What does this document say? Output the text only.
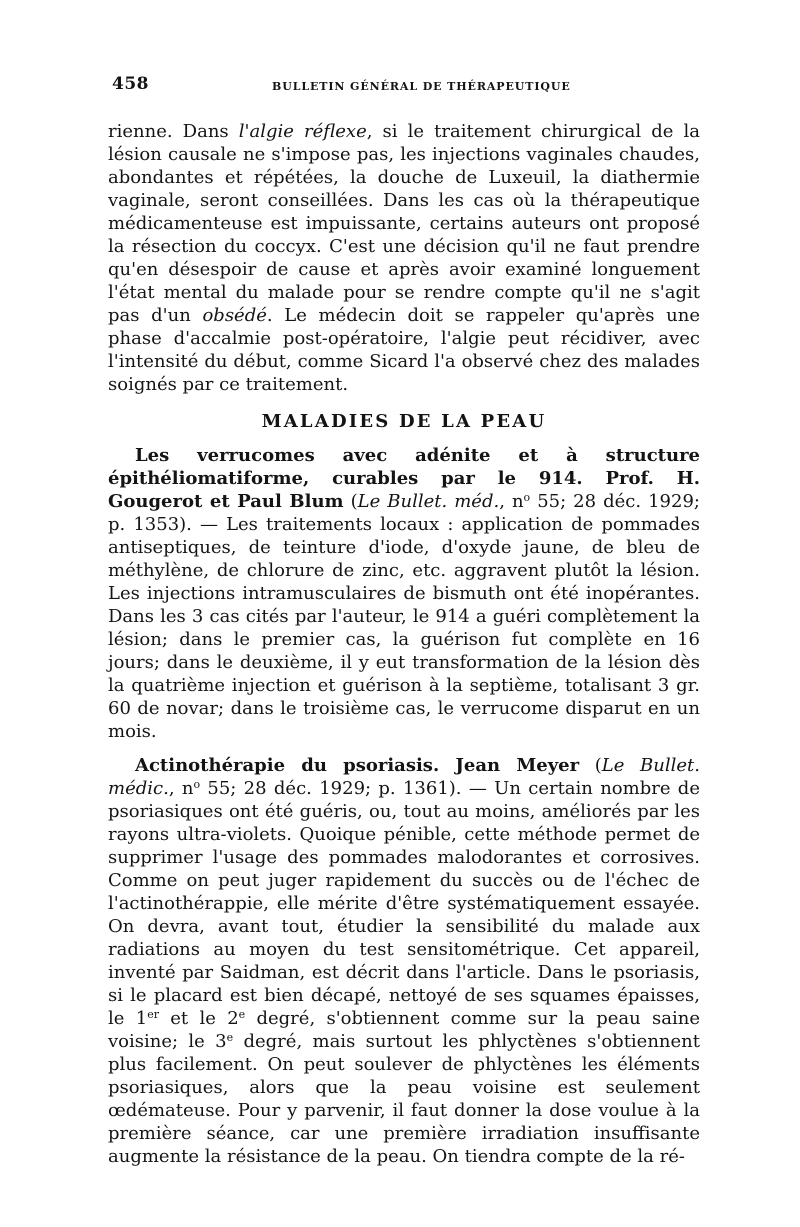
458	BULLETIN GÉNÉRAL DE THÉRAPEUTIQUE

rienne. Dans l'algie réflexe, si le traitement chirurgical de la lésion causale ne s'impose pas, les injections vaginales chaudes, abondantes et répétées, la douche de Luxeuil, la diathermie vaginale, seront conseillées. Dans les cas où la thérapeutique médicamenteuse est impuissante, certains auteurs ont proposé la résection du coccyx. C'est une décision qu'il ne faut prendre qu'en désespoir de cause et après avoir examiné longuement l'état mental du malade pour se rendre compte qu'il ne s'agit pas d'un obsédé. Le médecin doit se rappeler qu'après une phase d'accalmie post-opératoire, l'algie peut récidiver, avec l'intensité du début, comme Sicard l'a observé chez des malades soignés par ce traitement.

MALADIES DE LA PEAU

Les verrucomes avec adénite et à structure épithéliomatiforme, curables par le 914. Prof. H. Gougerot et Paul Blum (Le Bullet. méd., $n^o$ 55; 28 déc. 1929; p. 1353). — Les traitements locaux : application de pommades antiseptiques, de teinture d'iode, d'oxyde jaune, de bleu de méthylène, de chlorure de zinc, etc. aggravent plutôt la lésion. Les injections intramusculaires de bismuth ont été inopérantes. Dans les 3 cas cités par l'auteur, le 914 a guéri complètement la lésion; dans le premier cas, la guérison fut complète en 16 jours; dans le deuxième, il y eut transformation de la lésion dès la quatrième injection et guérison à la septième, totalisant 3 gr. 60 de novar; dans le troisième cas, le verrucome disparut en un mois.

Actinothérapie du psoriasis. Jean Meyer (Le Bullet. médic., $n^o$ 55; 28 déc. 1929; p. 1361). — Un certain nombre de psoriasiques ont été guéris, ou, tout au moins, améliorés par les rayons ultra-violets. Quoique pénible, cette méthode permet de supprimer l'usage des pommades malodorantes et corrosives. Comme on peut juger rapidement du succès ou de l'échec de l'actinothérappie, elle mérite d'être systématiquement essayée. On devra, avant tout, étudier la sensibilité du malade aux radiations au moyen du test sensitométrique. Cet appareil, inventé par Saidman, est décrit dans l'article. Dans le psoriasis, si le placard est bien décapé, nettoyé de ses squames épaisses, le 1er et le 2e degré, s'obtiennent comme sur la peau saine voisine; le 3e degré, mais surtout les phlyctènes s'obtiennent plus facilement. On peut soulever de phlyctènes les éléments psoriasiques, alors que la peau voisine est seulement œdémateuse. Pour y parvenir, il faut donner la dose voulue à la première séance, car une première irradiation insuffisante augmente la résistance de la peau. On tiendra compte de la ré-
